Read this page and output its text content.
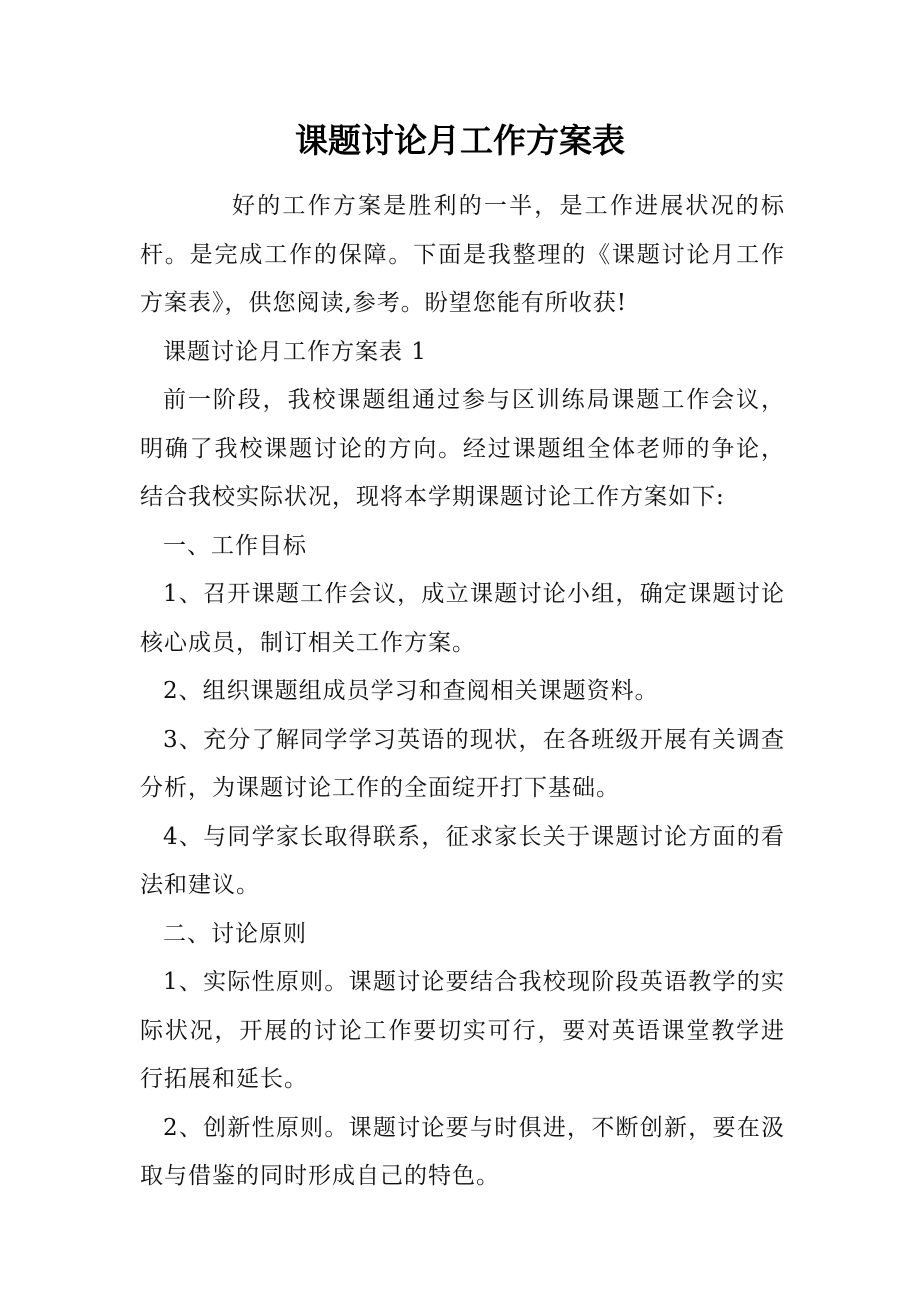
课题讨论月工作方案表

好的工作方案是胜利的一半，是工作进展状况的标杆。是完成工作的保障。下面是我整理的《课题讨论月工作方案表》，供您阅读,参考。盼望您能有所收获!

课题讨论月工作方案表 1

前一阶段，我校课题组通过参与区训练局课题工作会议，明确了我校课题讨论的方向。经过课题组全体老师的争论，结合我校实际状况，现将本学期课题讨论工作方案如下:

一、工作目标

1、召开课题工作会议，成立课题讨论小组，确定课题讨论核心成员，制订相关工作方案。

2、组织课题组成员学习和查阅相关课题资料。

3、充分了解同学学习英语的现状，在各班级开展有关调查分析，为课题讨论工作的全面绽开打下基础。

4、与同学家长取得联系，征求家长关于课题讨论方面的看法和建议。

二、讨论原则

1、实际性原则。课题讨论要结合我校现阶段英语教学的实际状况，开展的讨论工作要切实可行，要对英语课堂教学进行拓展和延长。

2、创新性原则。课题讨论要与时俱进，不断创新，要在汲取与借鉴的同时形成自己的特色。
